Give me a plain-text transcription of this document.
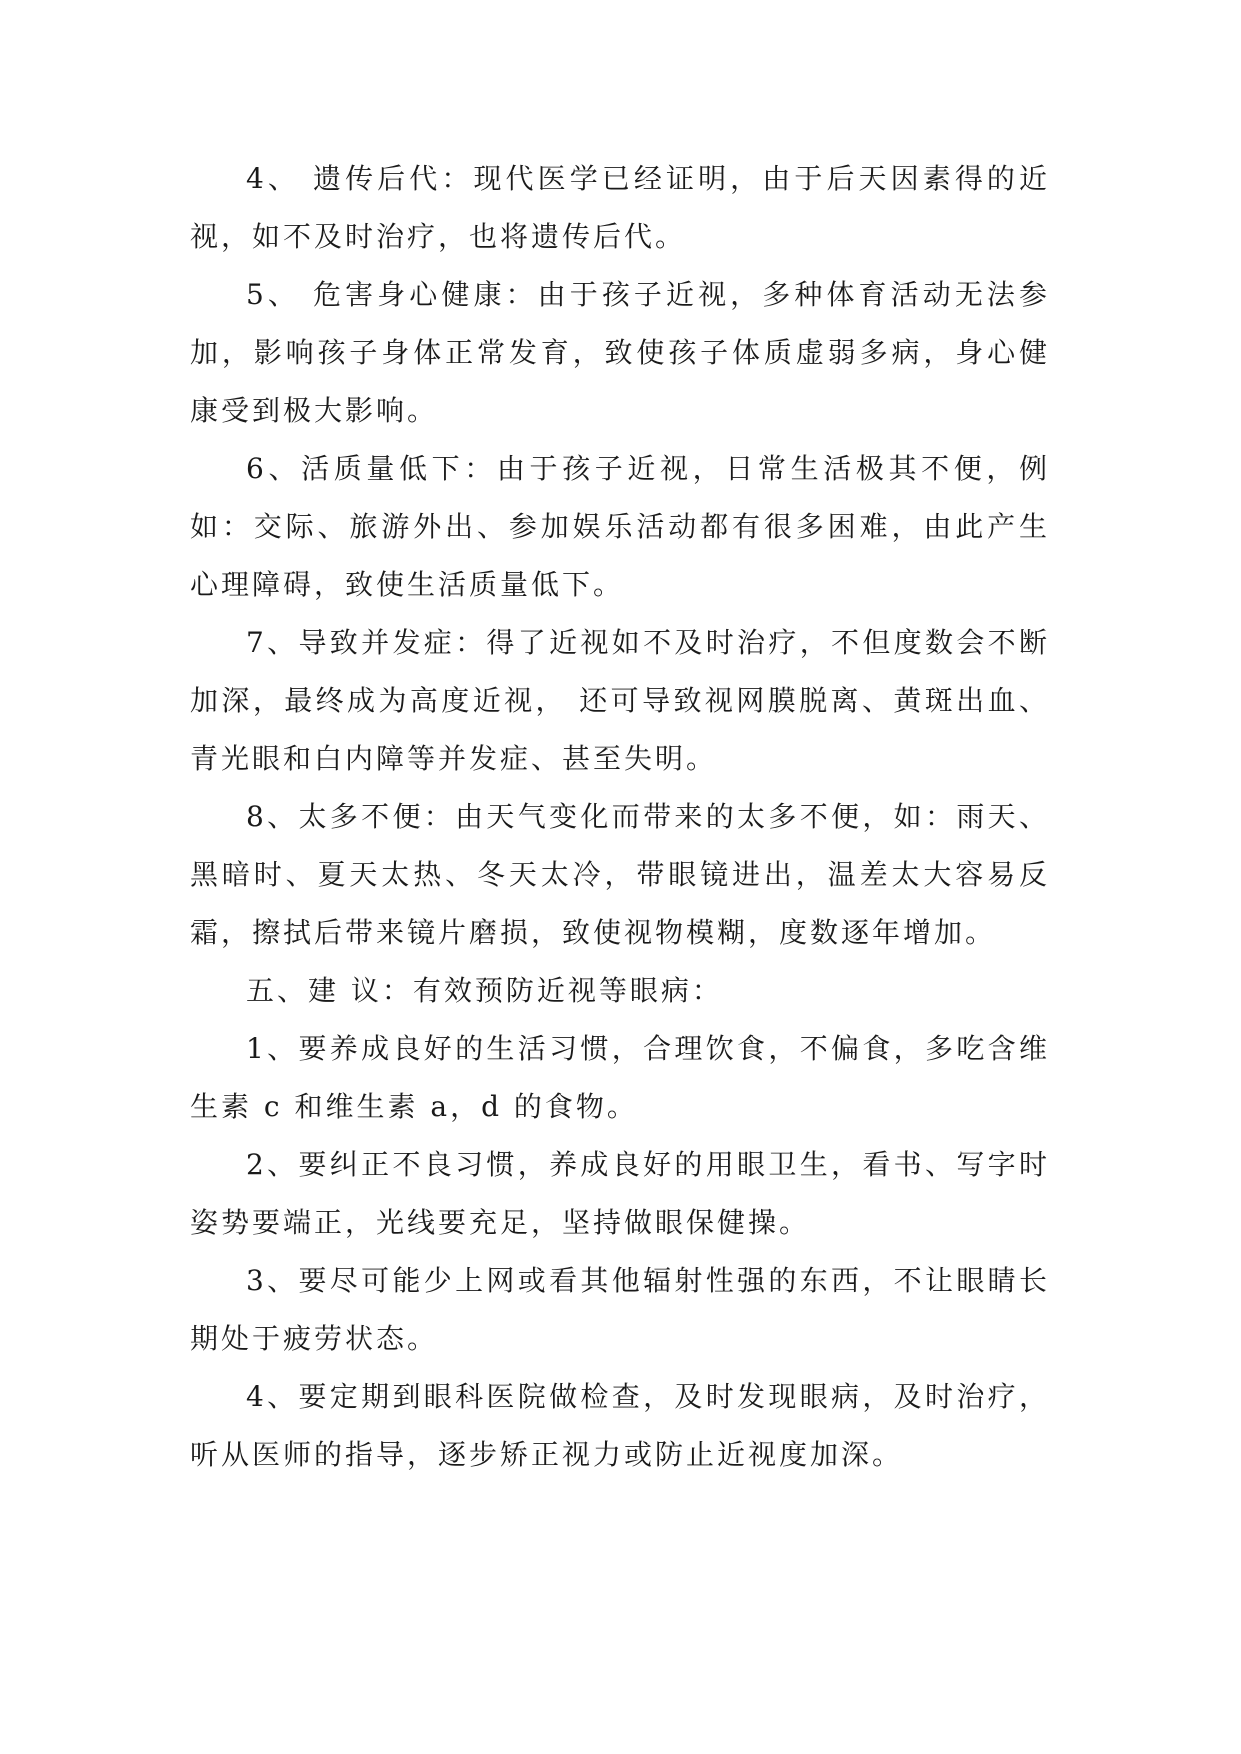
4、 遗传后代：现代医学已经证明，由于后天因素得的近视，如不及时治疗，也将遗传后代。

5、 危害身心健康：由于孩子近视，多种体育活动无法参加，影响孩子身体正常发育，致使孩子体质虚弱多病，身心健康受到极大影响。

6、活质量低下：由于孩子近视，日常生活极其不便，例如：交际、旅游外出、参加娱乐活动都有很多困难，由此产生心理障碍，致使生活质量低下。

7、导致并发症：得了近视如不及时治疗，不但度数会不断加深，最终成为高度近视， 还可导致视网膜脱离、黄斑出血、青光眼和白内障等并发症、甚至失明。

8、太多不便：由天气变化而带来的太多不便，如：雨天、黑暗时、夏天太热、冬天太冷，带眼镜进出，温差太大容易反霜，擦拭后带来镜片磨损，致使视物模糊，度数逐年增加。

五、建 议：有效预防近视等眼病：

1、要养成良好的生活习惯，合理饮食，不偏食，多吃含维生素 c 和维生素 a，d 的食物。

2、要纠正不良习惯，养成良好的用眼卫生，看书、写字时姿势要端正，光线要充足，坚持做眼保健操。

3、要尽可能少上网或看其他辐射性强的东西，不让眼睛长期处于疲劳状态。

4、要定期到眼科医院做检查，及时发现眼病，及时治疗，听从医师的指导，逐步矫正视力或防止近视度加深。
